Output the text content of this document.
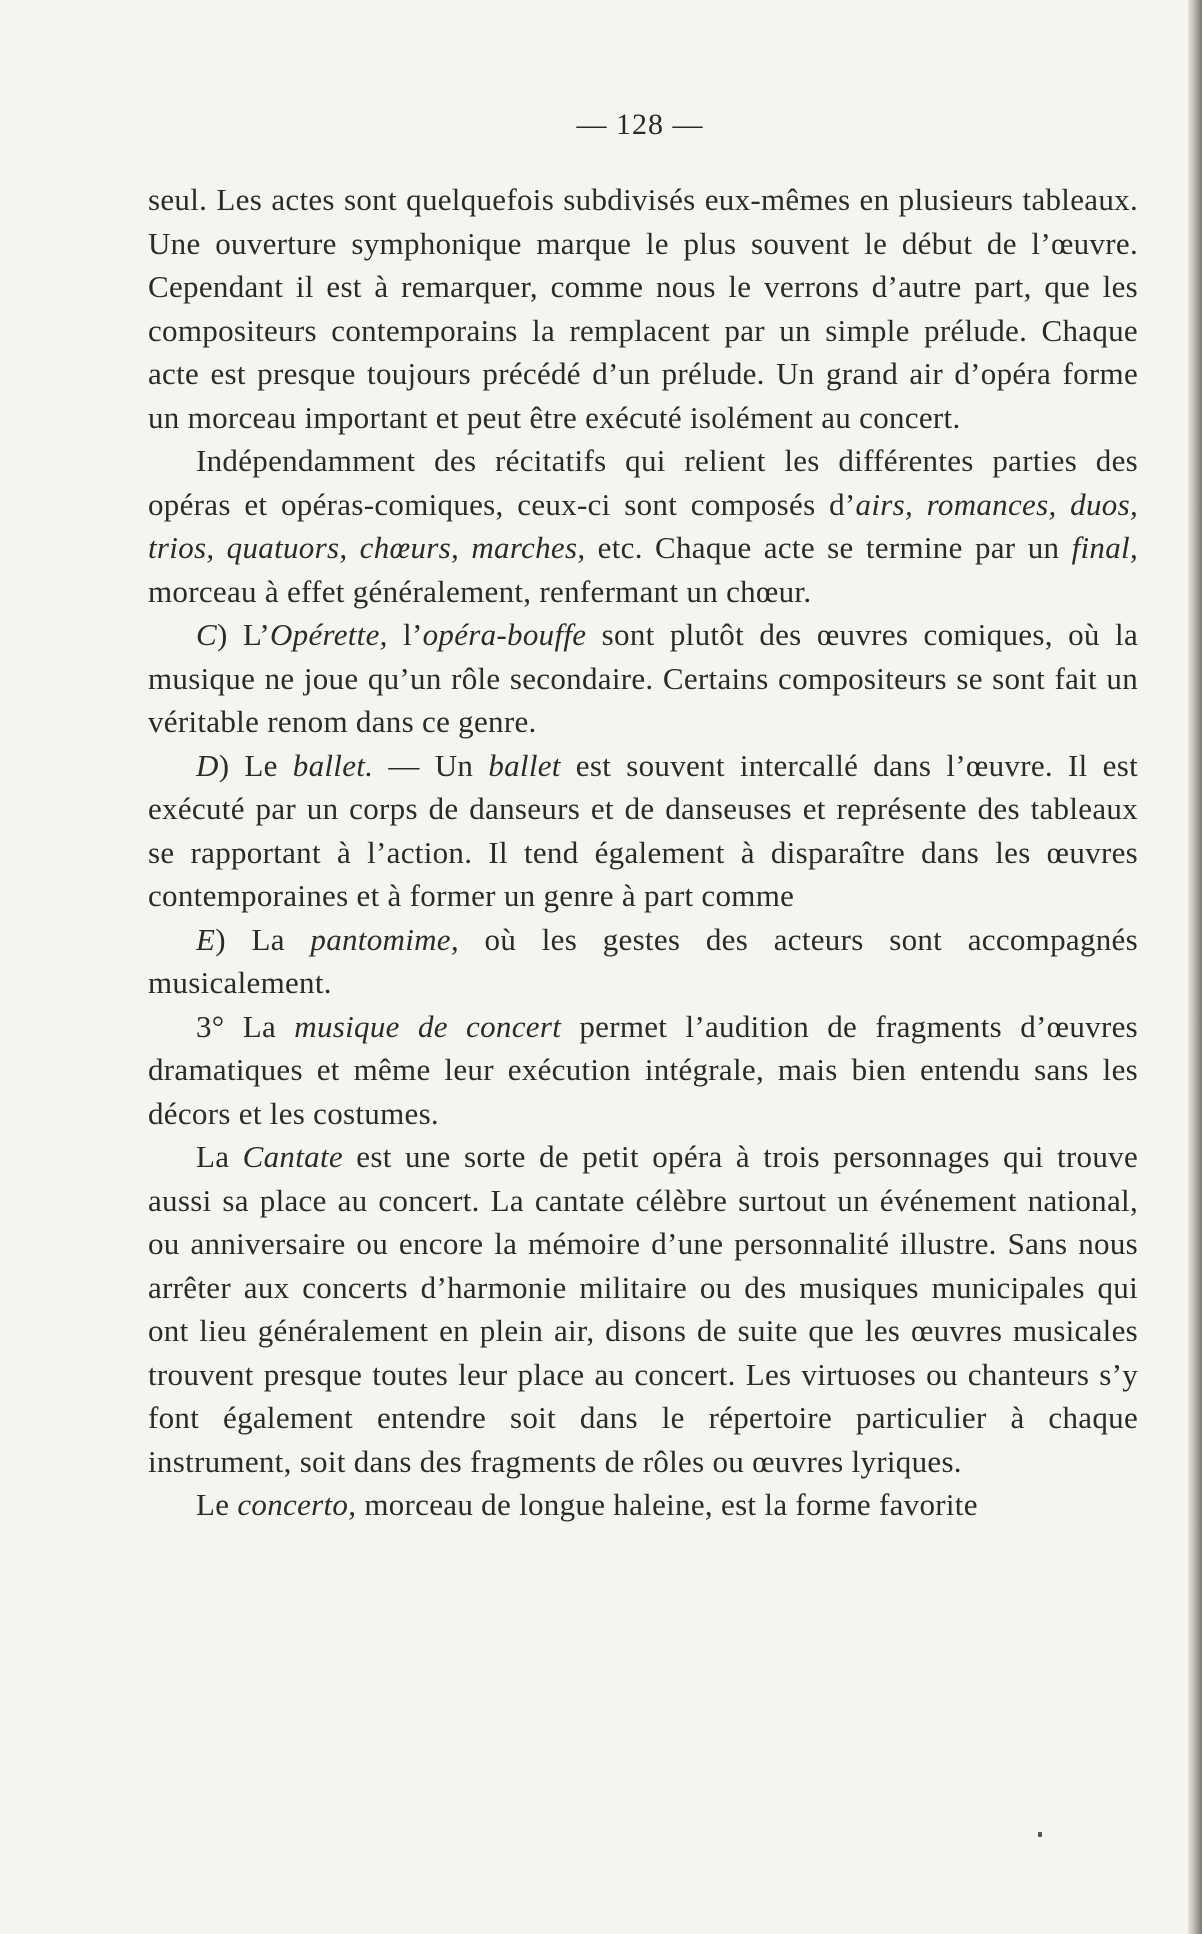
— 128 —

seul. Les actes sont quelquefois subdivisés eux-mêmes en plusieurs tableaux. Une ouverture symphonique marque le plus souvent le début de l’œuvre. Cependant il est à remarquer, comme nous le verrons d’autre part, que les compositeurs contemporains la remplacent par un simple prélude. Chaque acte est presque toujours précédé d’un prélude. Un grand air d’opéra forme un morceau important et peut être exécuté isolément au concert.

Indépendamment des récitatifs qui relient les différentes parties des opéras et opéras-comiques, ceux-ci sont composés d’airs, romances, duos, trios, quatuors, chœurs, marches, etc. Chaque acte se termine par un final, morceau à effet généralement, renfermant un chœur.

C) L’Opérette, l’opéra-bouffe sont plutôt des œuvres comiques, où la musique ne joue qu’un rôle secondaire. Certains compositeurs se sont fait un véritable renom dans ce genre.

D) Le ballet. — Un ballet est souvent intercallé dans l’œuvre. Il est exécuté par un corps de danseurs et de danseuses et représente des tableaux se rapportant à l’action. Il tend également à disparaître dans les œuvres contemporaines et à former un genre à part comme

E) La pantomime, où les gestes des acteurs sont accompagnés musicalement.

3° La musique de concert permet l’audition de fragments d’œuvres dramatiques et même leur exécution intégrale, mais bien entendu sans les décors et les costumes.

La Cantate est une sorte de petit opéra à trois personnages qui trouve aussi sa place au concert. La cantate célèbre surtout un événement national, ou anniversaire ou encore la mémoire d’une personnalité illustre. Sans nous arrêter aux concerts d’harmonie militaire ou des musiques municipales qui ont lieu généralement en plein air, disons de suite que les œuvres musicales trouvent presque toutes leur place au concert. Les virtuoses ou chanteurs s’y font également entendre soit dans le répertoire particulier à chaque instrument, soit dans des fragments de rôles ou œuvres lyriques.

Le concerto, morceau de longue haleine, est la forme favorite
